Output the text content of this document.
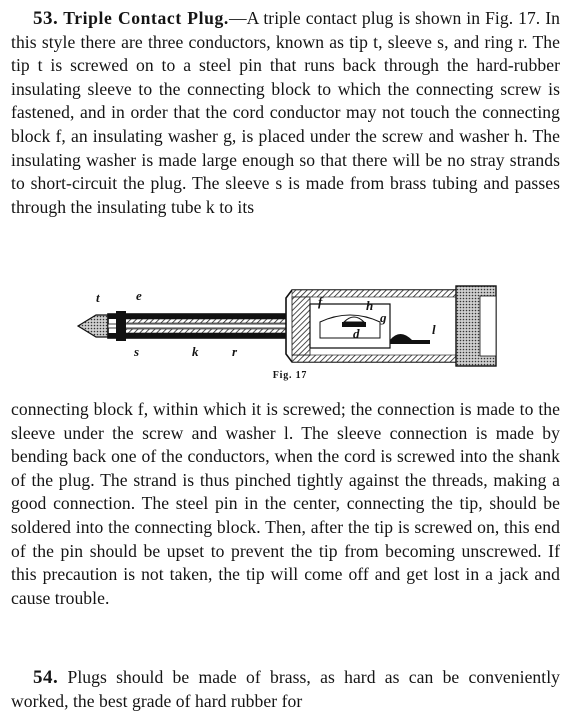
53. Triple Contact Plug.—A triple contact plug is shown in Fig. 17. In this style there are three conductors, known as tip t, sleeve s, and ring r. The tip t is screwed on to a steel pin that runs back through the hard-rubber insulating sleeve to the connecting block to which the connecting screw is fastened, and in order that the cord conductor may not touch the connecting block f, an insulating washer g, is placed under the screw and washer h. The insulating washer is made large enough so that there will be no stray strands to short-circuit the plug. The sleeve s is made from brass tubing and passes through the insulating tube k to its

t	e	f	h
g
d	l
s	k	r
Fig. 17

connecting block f, within which it is screwed; the connection is made to the sleeve under the screw and washer l. The sleeve connection is made by bending back one of the conductors, when the cord is screwed into the shank of the plug. The strand is thus pinched tightly against the threads, making a good connection. The steel pin in the center, connecting the tip, should be soldered into the connecting block. Then, after the tip is screwed on, this end of the pin should be upset to prevent the tip from becoming unscrewed. If this precaution is not taken, the tip will come off and get lost in a jack and cause trouble.

54. Plugs should be made of brass, as hard as can be conveniently worked, the best grade of hard rubber for
